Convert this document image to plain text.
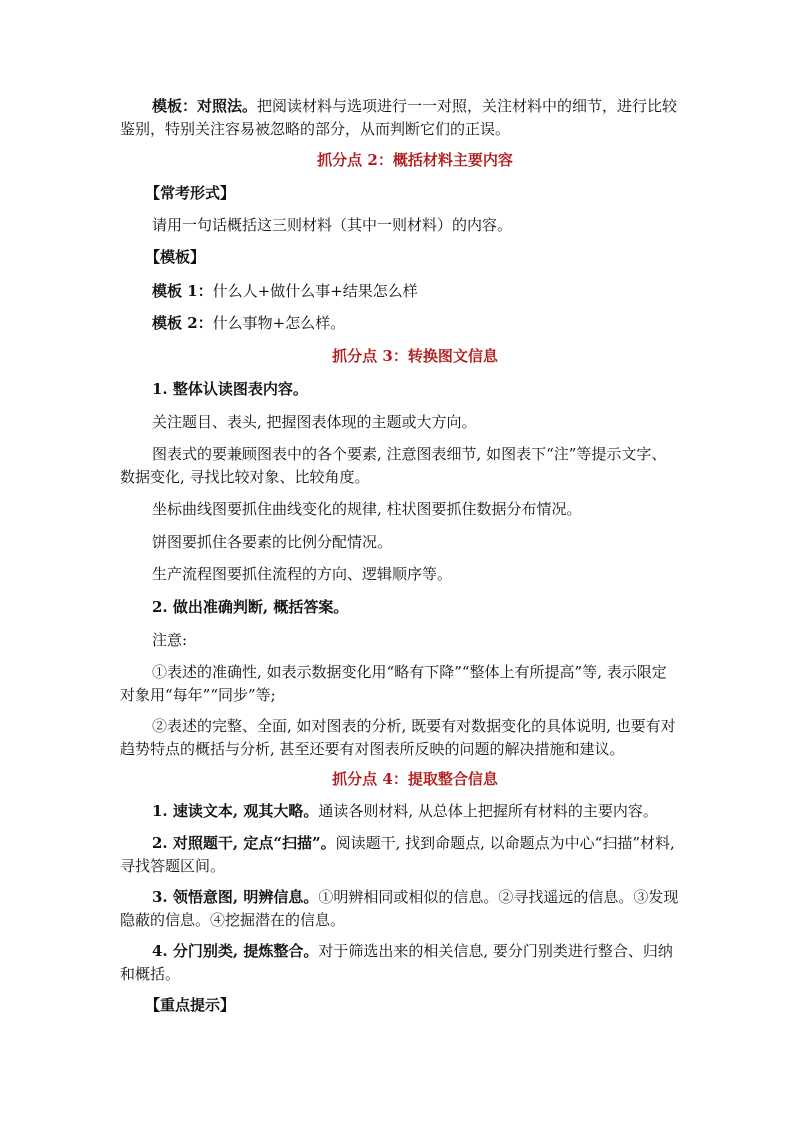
模板：对照法。把阅读材料与选项进行一一对照，关注材料中的细节，进行比较鉴别，特别关注容易被忽略的部分，从而判断它们的正误。

抓分点 2：概括材料主要内容

【常考形式】

请用一句话概括这三则材料（其中一则材料）的内容。

【模板】

模板 1：什么人+做什么事+结果怎么样

模板 2：什么事物+怎么样。

抓分点 3：转换图文信息

1. 整体认读图表内容。

关注题目、表头, 把握图表体现的主题或大方向。

图表式的要兼顾图表中的各个要素, 注意图表细节, 如图表下“注”等提示文字、数据变化, 寻找比较对象、比较角度。

坐标曲线图要抓住曲线变化的规律, 柱状图要抓住数据分布情况。

饼图要抓住各要素的比例分配情况。

生产流程图要抓住流程的方向、逻辑顺序等。

2. 做出准确判断, 概括答案。

注意:

①表述的准确性, 如表示数据变化用“略有下降”“整体上有所提高”等, 表示限定对象用“每年”“同步”等;

②表述的完整、全面, 如对图表的分析, 既要有对数据变化的具体说明, 也要有对趋势特点的概括与分析, 甚至还要有对图表所反映的问题的解决措施和建议。

抓分点 4：提取整合信息

1. 速读文本, 观其大略。通读各则材料, 从总体上把握所有材料的主要内容。

2. 对照题干, 定点“扫描”。阅读题干, 找到命题点, 以命题点为中心“扫描”材料, 寻找答题区间。

3. 领悟意图, 明辨信息。①明辨相同或相似的信息。②寻找遥远的信息。③发现隐蔽的信息。④挖掘潜在的信息。

4. 分门别类, 提炼整合。对于筛选出来的相关信息, 要分门别类进行整合、归纳和概括。

【重点提示】
